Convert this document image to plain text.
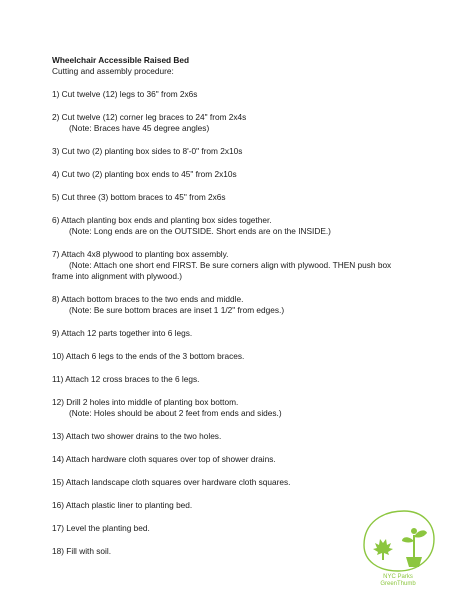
Wheelchair Accessible Raised Bed

Cutting and assembly procedure:

1) Cut twelve (12) legs to 36" from 2x6s

2) Cut twelve (12) corner leg braces to 24" from 2x4s

(Note: Braces have 45 degree angles)

3) Cut two (2) planting box sides to 8'-0" from 2x10s

4) Cut two (2) planting box ends to 45" from 2x10s

5) Cut three (3) bottom braces to 45" from 2x6s

6) Attach planting box ends and planting box sides together.

(Note: Long ends are on the OUTSIDE. Short ends are on the INSIDE.)

7) Attach 4x8 plywood to planting box assembly.

(Note: Attach one short end FIRST. Be sure corners align with plywood. THEN push box

frame into alignment with plywood.)

8) Attach bottom braces to the two ends and middle.

(Note: Be sure bottom braces are inset 1 1/2" from edges.)

9) Attach 12 parts together into 6 legs.

10) Attach 6 legs to the ends of the 3 bottom braces.

11) Attach 12 cross braces to the 6 legs.

12) Drill 2 holes into middle of planting box bottom.

(Note: Holes should be about 2 feet from ends and sides.)

13) Attach two shower drains to the two holes.

14) Attach hardware cloth squares over top of shower drains.

15) Attach landscape cloth squares over hardware cloth squares.

16) Attach plastic liner to planting bed.

17) Level the planting bed.

18) Fill with soil.

NYC Parks
GreenThumb
